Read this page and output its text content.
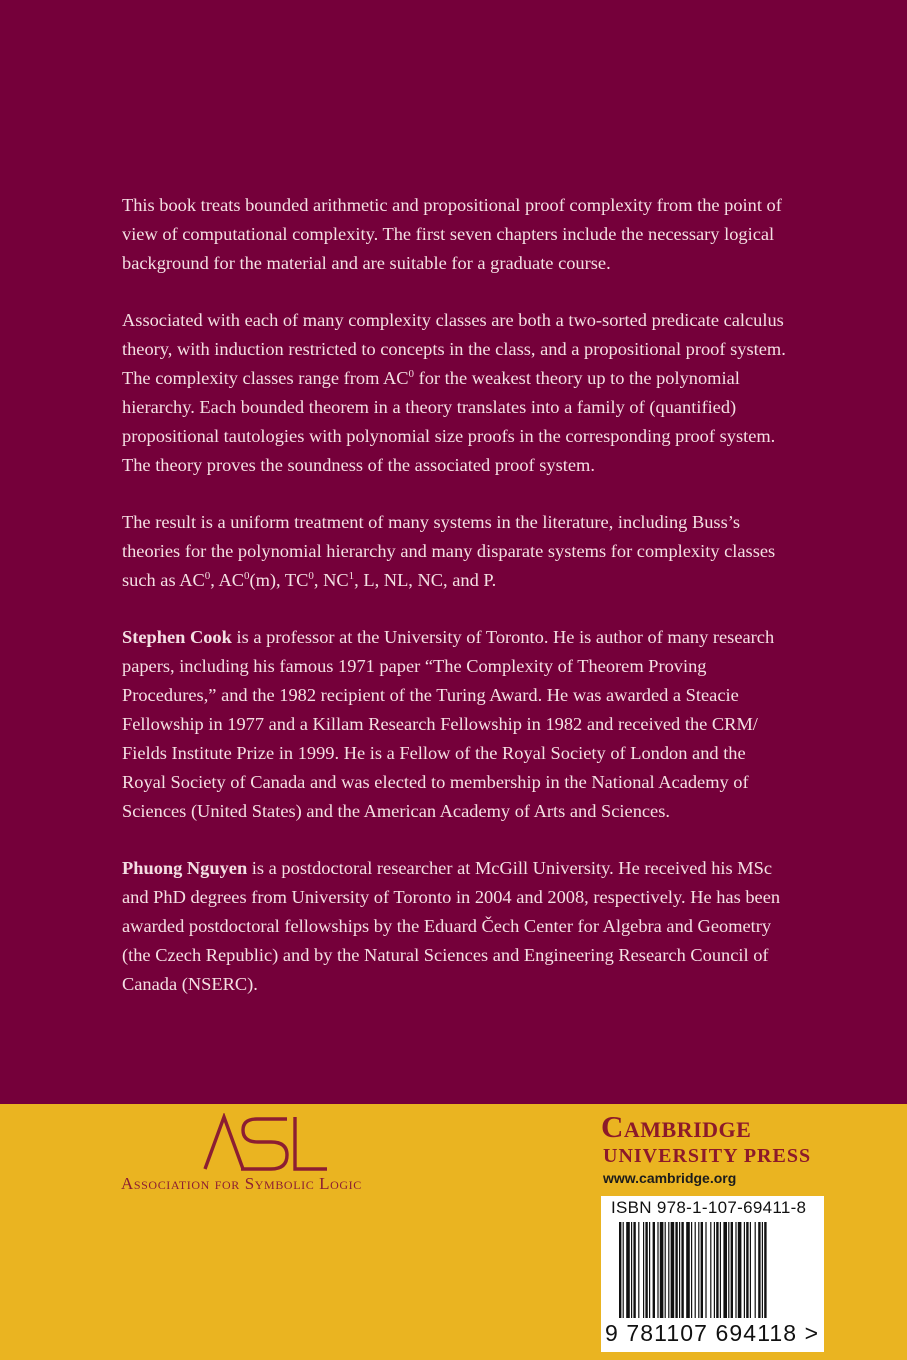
This book treats bounded arithmetic and propositional proof complexity from the point of view of computational complexity. The first seven chapters include the necessary logical background for the material and are suitable for a graduate course.

Associated with each of many complexity classes are both a two-sorted predicate calculus theory, with induction restricted to concepts in the class, and a propositional proof system. The complexity classes range from $AC^0$ for the weakest theory up to the polynomial hierarchy. Each bounded theorem in a theory translates into a family of (quantified) propositional tautologies with polynomial size proofs in the corresponding proof system. The theory proves the soundness of the associated proof system.

The result is a uniform treatment of many systems in the literature, including Buss’s theories for the polynomial hierarchy and many disparate systems for complexity classes such as $AC^0$, $AC^0(m)$, $TC^0$, $NC^1$, L, NL, NC, and P.

Stephen Cook is a professor at the University of Toronto. He is author of many research papers, including his famous 1971 paper “The Complexity of Theorem Proving Procedures,” and the 1982 recipient of the Turing Award. He was awarded a Steacie Fellowship in 1977 and a Killam Research Fellowship in 1982 and received the CRM/ Fields Institute Prize in 1999. He is a Fellow of the Royal Society of London and the Royal Society of Canada and was elected to membership in the National Academy of Sciences (United States) and the American Academy of Arts and Sciences.

Phuong Nguyen is a postdoctoral researcher at McGill University. He received his MSc and PhD degrees from University of Toronto in 2004 and 2008, respectively. He has been awarded postdoctoral fellowships by the Eduard Čech Center for Algebra and Geometry (the Czech Republic) and by the Natural Sciences and Engineering Research Council of Canada (NSERC).

Association for Symbolic Logic
Cambridge
UNIVERSITY PRESS
www.cambridge.org
ISBN 978-1-107-69411-8
9 781107 694118 >
